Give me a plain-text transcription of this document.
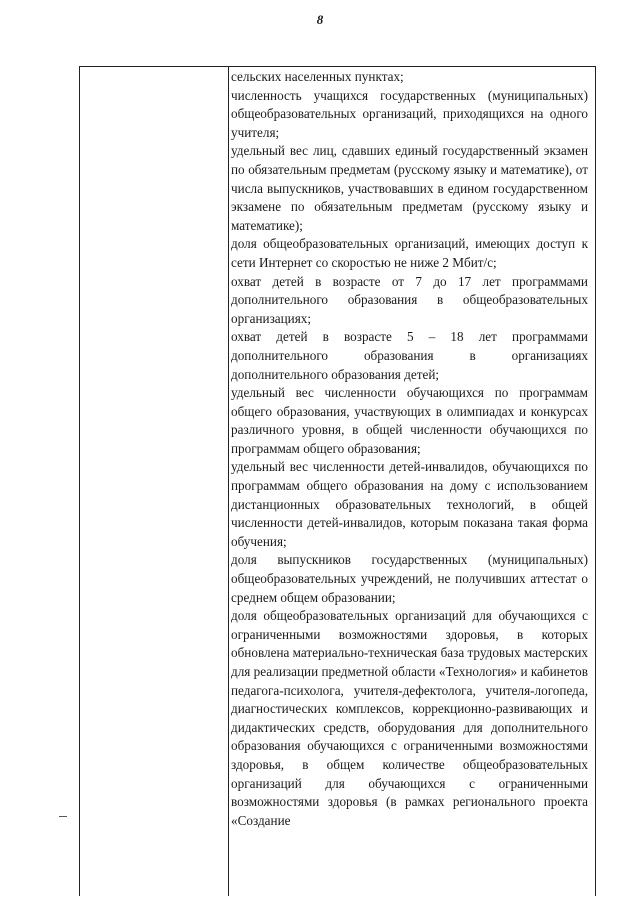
8

сельских населенных пунктах;

численность учащихся государственных (муниципальных) общеобразовательных организаций, приходящихся на одного учителя;

удельный вес лиц, сдавших единый государственный экзамен по обязательным предметам (русскому языку и математике), от числа выпускников, участвовавших в едином государственном экзамене по обязательным предметам (русскому языку и математике);

доля общеобразовательных организаций, имеющих доступ к сети Интернет со скоростью не ниже 2 Мбит/с;

охват детей в возрасте от 7 до 17 лет программами дополнительного образования в общеобразовательных организациях;

охват детей в возрасте 5 – 18 лет программами дополнительного образования в организациях дополнительного образования детей;

удельный вес численности обучающихся по программам общего образования, участвующих в олимпиадах и конкурсах различного уровня, в общей численности обучающихся по программам общего образования;

удельный вес численности детей-инвалидов, обучающихся по программам общего образования на дому с использованием дистанционных образовательных технологий, в общей численности детей-инвалидов, которым показана такая форма обучения;

доля выпускников государственных (муниципальных) общеобразовательных учреждений, не получивших аттестат о среднем общем образовании;

доля общеобразовательных организаций для обучающихся с ограниченными возможностями здоровья, в которых обновлена материально-техническая база трудовых мастерских для реализации предметной области «Технология» и кабинетов педагога-психолога, учителя-дефектолога, учителя-логопеда, диагностических комплексов, коррекционно-развивающих и дидактических средств, оборудования для дополнительного образования обучающихся с ограниченными возможностями здоровья, в общем количестве общеобразовательных организаций для обучающихся с ограниченными возможностями здоровья (в рамках регионального проекта «Создание
